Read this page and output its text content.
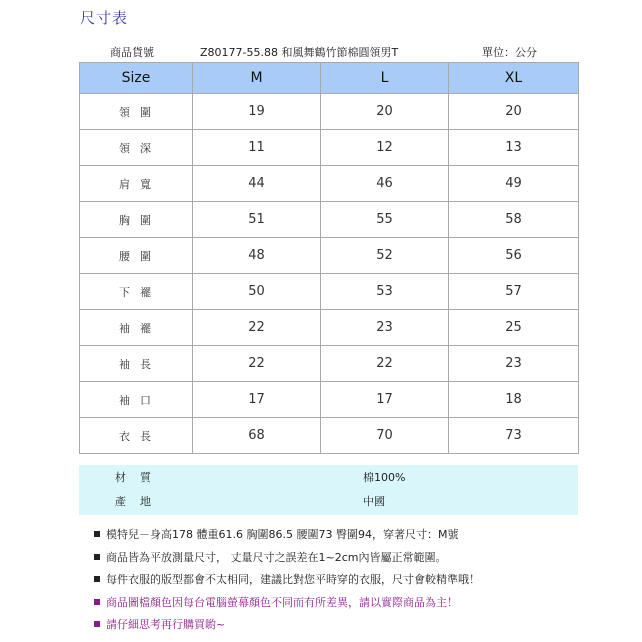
尺寸表
商品貨號	Z80177-55.88 和風舞鶴竹節棉圓領男T	單位：公分
Size	M	L	XL
領圍	19	20	20
領深	11	12	13
肩寬	44	46	49
胸圍	51	55	58
腰圍	48	52	56
下襬	50	53	57
袖襬	22	23	25
袖長	22	22	23
袖口	17	17	18
衣長	68	70	73
材質	棉100%
產地	中國
模特兒－身高178 體重61.6 胸圍86.5 腰圍73 臀圍94，穿著尺寸：M號
商品皆為平放測量尺寸， 丈量尺寸之誤差在1~2cm內皆屬正常範圍。
每件衣服的版型都會不太相同，建議比對您平時穿的衣服，尺寸會較精準哦！
商品圖檔顏色因每台電腦螢幕顏色不同而有所差異，請以實際商品為主！
請仔細思考再行購買喲~
